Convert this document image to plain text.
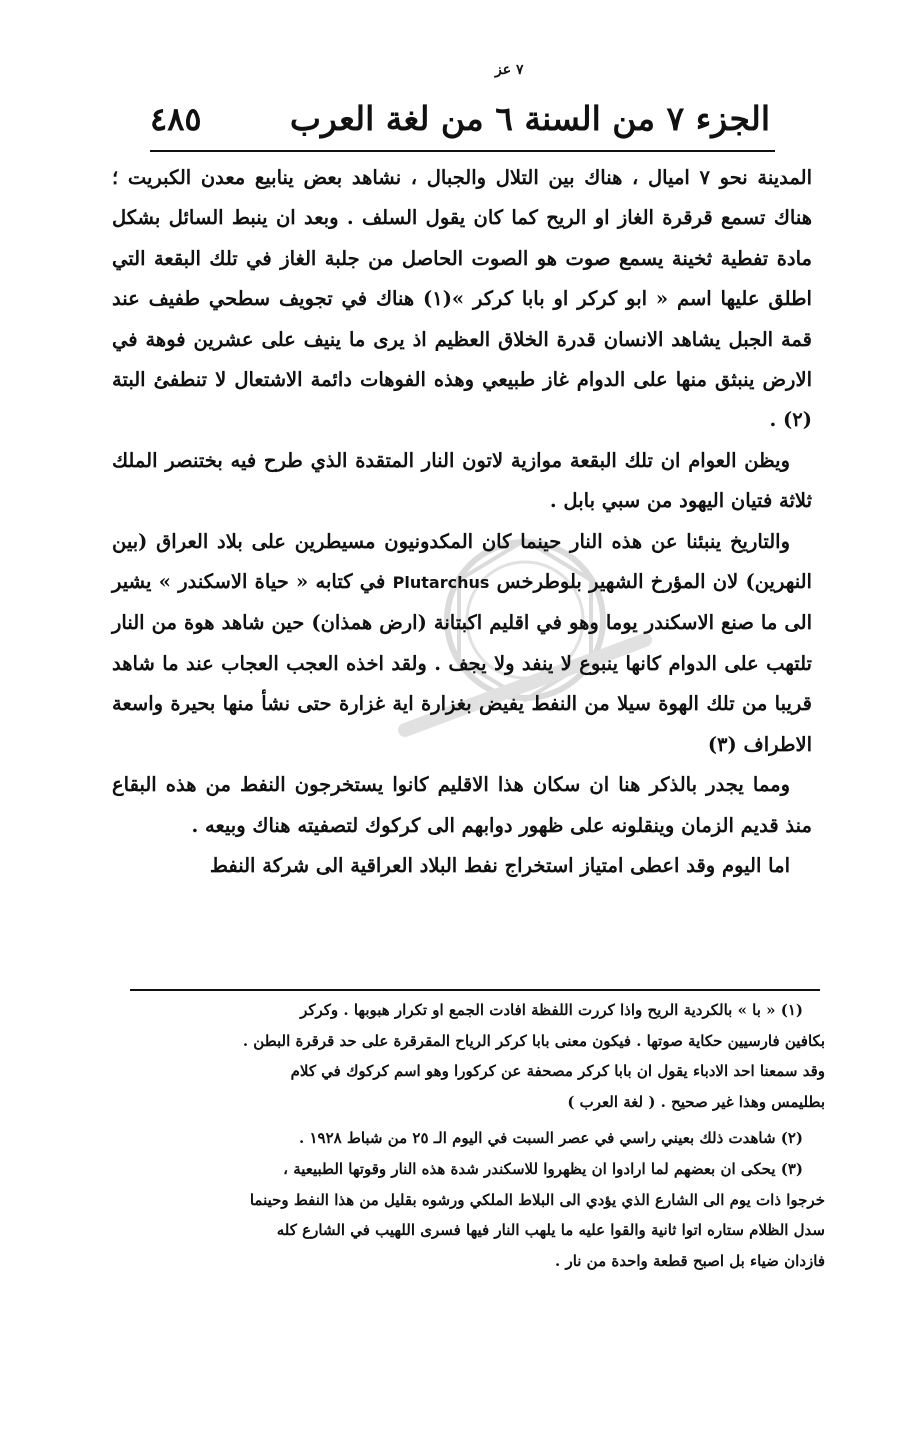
٧ عز
الجزء ٧ من السنة ٦ من لغة العرب
٤٨٥

المدينة نحو ٧ اميال ، هناك بين التلال والجبال ، نشاهد بعض ينابيع معدن الكبريت ؛ هناك تسمع قرقرة الغاز او الريح كما كان يقول السلف . وبعد ان ينبط السائل بشكل مادة تفطية ثخينة يسمع صوت هو الصوت الحاصل من جلبة الغاز في تلك البقعة التي اطلق عليها اسم « ابو كركر او بابا كركر »(١) هناك في تجويف سطحي طفيف عند قمة الجبل يشاهد الانسان قدرة الخلاق العظيم اذ يرى ما ينيف على عشرين فوهة في الارض ينبثق منها على الدوام غاز طبيعي وهذه الفوهات دائمة الاشتعال لا تنطفئ البتة (٢) .

ويظن العوام ان تلك البقعة موازية لاتون النار المتقدة الذي طرح فيه بختنصر الملك ثلاثة فتيان اليهود من سبي بابل .

والتاريخ ينبئنا عن هذه النار حينما كان المكدونيون مسيطرين على بلاد العراق (بين النهرين) لان المؤرخ الشهير بلوطرخس Plutarchus في كتابه « حياة الاسكندر » يشير الى ما صنع الاسكندر يوما وهو في اقليم اكبتانة (ارض همذان) حين شاهد هوة من النار تلتهب على الدوام كانها ينبوع لا ينفد ولا يجف . ولقد اخذه العجب العجاب عند ما شاهد قريبا من تلك الهوة سيلا من النفط يفيض بغزارة اية غزارة حتى نشأ منها بحيرة واسعة الاطراف (٣)

ومما يجدر بالذكر هنا ان سكان هذا الاقليم كانوا يستخرجون النفط من هذه البقاع منذ قديم الزمان وينقلونه على ظهور دوابهم الى كركوك لتصفيته هناك وبيعه .

اما اليوم وقد اعطى امتياز استخراج نفط البلاد العراقية الى شركة النفط

(١) « با » بالكردية الريح واذا كررت اللفظة افادت الجمع او تكرار هبوبها . وكركر

بكافين فارسيين حكاية صوتها . فيكون معنى بابا كركر الرياح المقرقرة على حد قرقرة البطن .

وقد سمعنا احد الادباء يقول ان بابا كركر مصحفة عن كركورا وهو اسم كركوك في كلام

بطليمس وهذا غير صحيح . ( لغة العرب )

(٢) شاهدت ذلك بعيني راسي في عصر السبت في اليوم الـ ٢٥ من شباط ١٩٢٨ .

(٣) يحكى ان بعضهم لما ارادوا ان يظهروا للاسكندر شدة هذه النار وقوتها الطبيعية ،

خرجوا ذات يوم الى الشارع الذي يؤدي الى البلاط الملكي ورشوه بقليل من هذا النفط وحينما

سدل الظلام ستاره اتوا ثانية والقوا عليه ما يلهب النار فيها فسرى اللهيب في الشارع كله

فازدان ضياء بل اصبح قطعة واحدة من نار .
